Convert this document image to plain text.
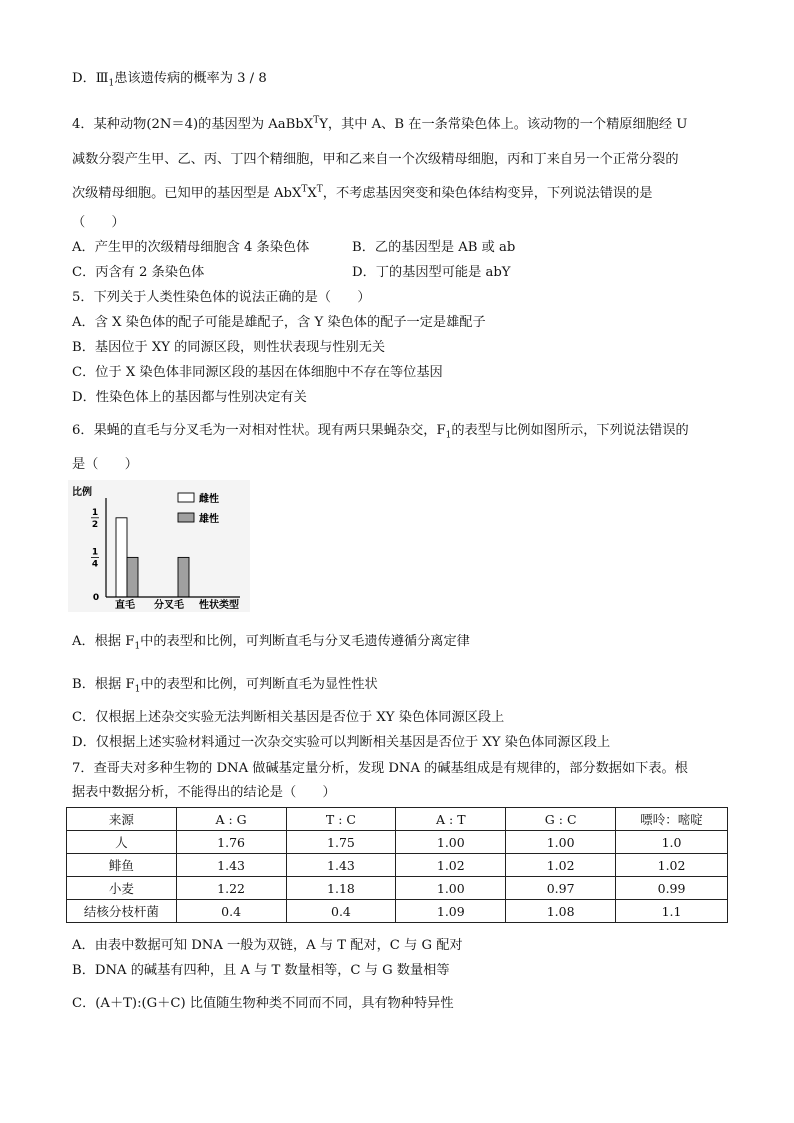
D．$Ⅲ_1$患该遗传病的概率为 3 / 8
4．某种动物(2N＝4)的基因型为 AaBbX$^T$Y，其中 A、B 在一条常染色体上。该动物的一个精原细胞经 U
减数分裂产生甲、乙、丙、丁四个精细胞，甲和乙来自一个次级精母细胞，丙和丁来自另一个正常分裂的
次级精母细胞。已知甲的基因型是 $AbX^TX^T$，不考虑基因突变和染色体结构变异，下列说法错误的是
（　　）
A．产生甲的次级精母细胞含 4 条染色体	B．乙的基因型是 AB 或 ab
C．丙含有 2 条染色体	D．丁的基因型可能是 abY
5．下列关于人类性染色体的说法正确的是（　　）
A．含 X 染色体的配子可能是雄配子，含 Y 染色体的配子一定是雄配子
B．基因位于 XY 的同源区段，则性状表现与性别无关
C．位于 X 染色体非同源区段的基因在体细胞中不存在等位基因
D．性染色体上的基因都与性别决定有关
6．果蝇的直毛与分叉毛为一对相对性状。现有两只果蝇杂交，$F_1$的表型与比例如图所示，下列说法错误的
是（　　）
比例
0
1
4
1
2
直毛 分叉毛 性状类型
雌性
雄性
A．根据 $F_1$中的表型和比例，可判断直毛与分叉毛遗传遵循分离定律
B．根据 $F_1$中的表型和比例，可判断直毛为显性性状
C．仅根据上述杂交实验无法判断相关基因是否位于 XY 染色体同源区段上
D．仅根据上述实验材料通过一次杂交实验可以判断相关基因是否位于 XY 染色体同源区段上
7．查哥夫对多种生物的 DNA 做碱基定量分析，发现 DNA 的碱基组成是有规律的，部分数据如下表。根
据表中数据分析，不能得出的结论是（　　）
来源	A : G	T : C	A : T	G : C	嘌呤：嘧啶
人	1.76	1.75	1.00	1.00	1.0
鲱鱼	1.43	1.43	1.02	1.02	1.02
小麦	1.22	1.18	1.00	0.97	0.99
结核分枝杆菌	0.4	0.4	1.09	1.08	1.1
A．由表中数据可知 DNA 一般为双链，A 与 T 配对，C 与 G 配对
B．DNA 的碱基有四种，且 A 与 T 数量相等，C 与 G 数量相等
C．(A＋T):(G＋C) 比值随生物种类不同而不同，具有物种特异性
